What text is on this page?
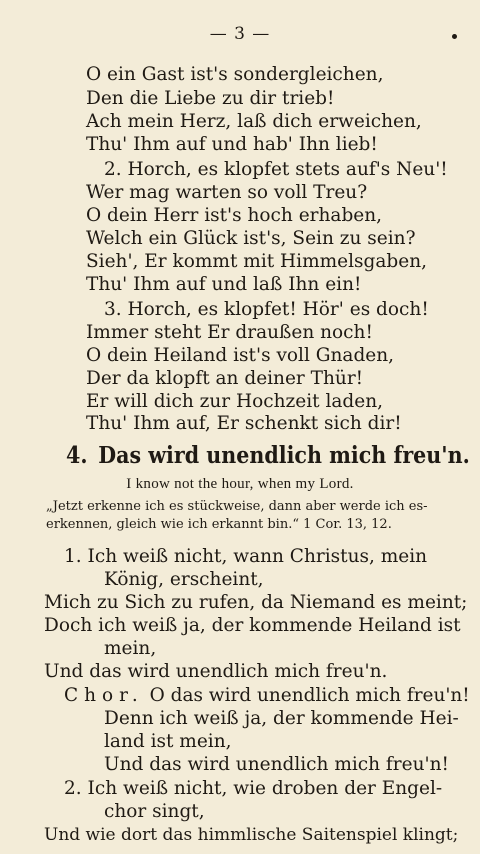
— 3 —
O ein Gast ist's sondergleichen,
Den die Liebe zu dir trieb!
Ach mein Herz, laß dich erweichen,
Thu' Ihm auf und hab' Ihn lieb!
2. Horch, es klopfet stets auf's Neu'!
Wer mag warten so voll Treu?
O dein Herr ist's hoch erhaben,
Welch ein Glück ist's, Sein zu sein?
Sieh', Er kommt mit Himmelsgaben,
Thu' Ihm auf und laß Ihn ein!
3. Horch, es klopfet! Hör' es doch!
Immer steht Er draußen noch!
O dein Heiland ist's voll Gnaden,
Der da klopft an deiner Thür!
Er will dich zur Hochzeit laden,
Thu' Ihm auf, Er schenkt sich dir!
4. Das wird unendlich mich freu'n.
I know not the hour, when my Lord.
„Jetzt erkenne ich es stückweise, dann aber werde ich es-
erkennen, gleich wie ich erkannt bin.“ 1 Cor. 13, 12.
1. Ich weiß nicht, wann Christus, mein
König, erscheint,
Mich zu Sich zu rufen, da Niemand es meint;
Doch ich weiß ja, der kommende Heiland ist
mein,
Und das wird unendlich mich freu'n.
Chor. O das wird unendlich mich freu'n!
Denn ich weiß ja, der kommende Hei-
land ist mein,
Und das wird unendlich mich freu'n!
2. Ich weiß nicht, wie droben der Engel-
chor singt,
Und wie dort das himmlische Saitenspiel klingt;
